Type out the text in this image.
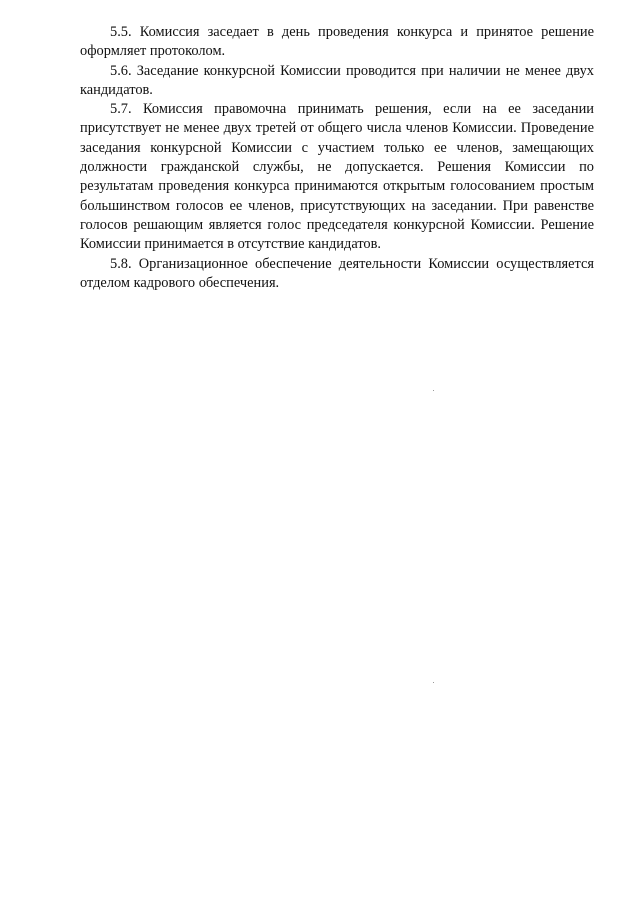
5.5. Комиссия заседает в день проведения конкурса и принятое решение оформляет протоколом.

5.6. Заседание конкурсной Комиссии проводится при наличии не менее двух кандидатов.

5.7. Комиссия правомочна принимать решения, если на ее заседании присутствует не менее двух третей от общего числа членов Комиссии. Проведение заседания конкурсной Комиссии с участием только ее членов, замещающих должности гражданской службы, не допускается. Решения Комиссии по результатам проведения конкурса принимаются открытым голосованием простым большинством голосов ее членов, присутствующих на заседании. При равенстве голосов решающим является голос председателя конкурсной Комиссии. Решение Комиссии принимается в отсутствие кандидатов.

5.8. Организационное обеспечение деятельности Комиссии осуществляется отделом кадрового обеспечения.
